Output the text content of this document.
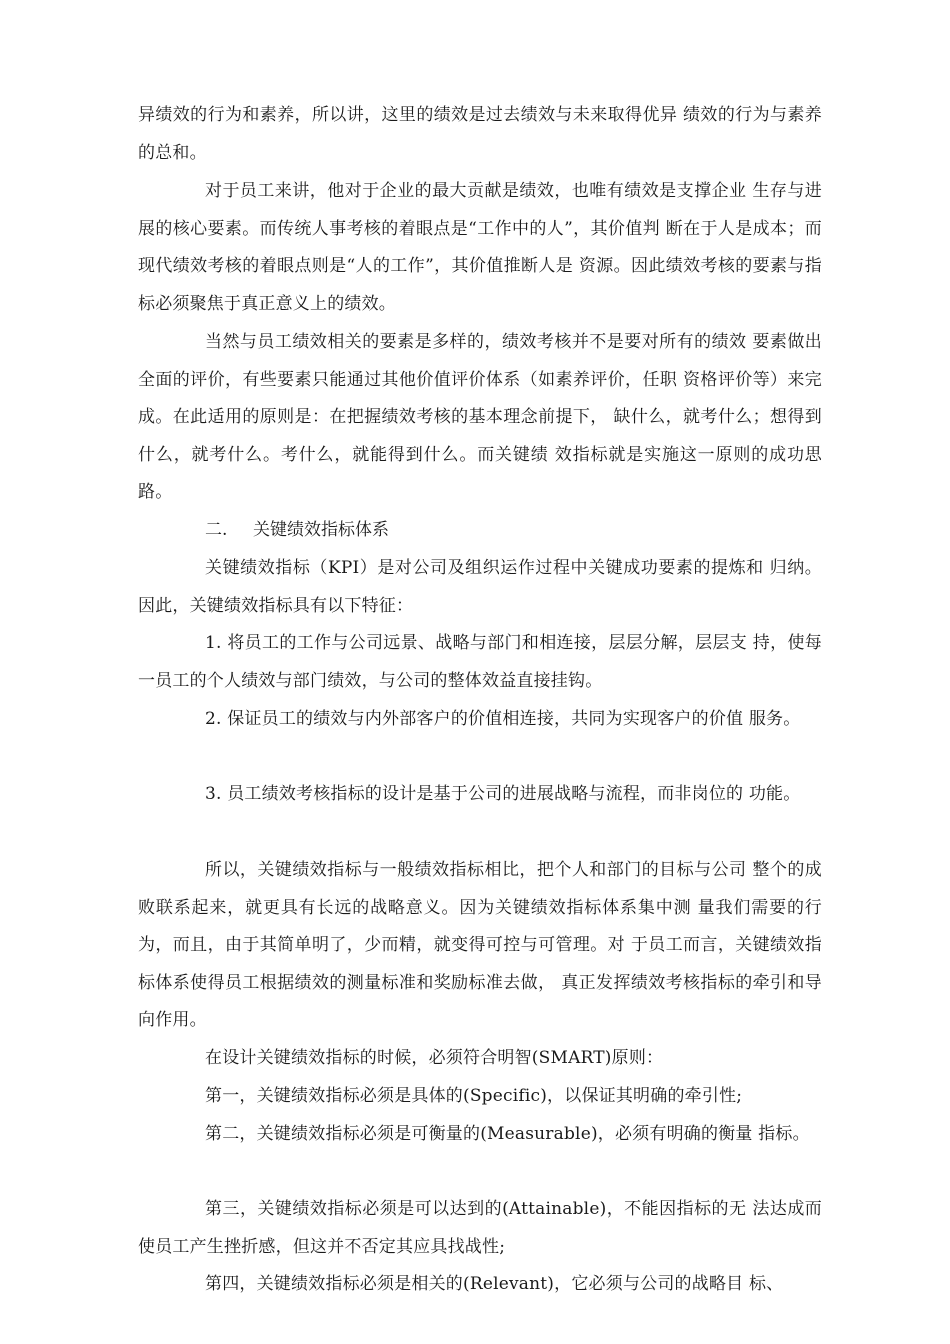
异绩效的行为和素养，所以讲，这里的绩效是过去绩效与未来取得优异 绩效的行为与素养的总和。
对于员工来讲，他对于企业的最大贡献是绩效，也唯有绩效是支撑企业 生存与进展的核心要素。而传统人事考核的着眼点是“工作中的人”，其价值判 断在于人是成本；而现代绩效考核的着眼点则是“人的工作”，其价值推断人是 资源。因此绩效考核的要素与指标必须聚焦于真正意义上的绩效。
当然与员工绩效相关的要素是多样的，绩效考核并不是要对所有的绩效 要素做出全面的评价，有些要素只能通过其他价值评价体系（如素养评价，任职 资格评价等）来完成。在此适用的原则是：在把握绩效考核的基本理念前提下， 缺什么，就考什么；想得到什么，就考什么。考什么，就能得到什么。而关键绩 效指标就是实施这一原则的成功思路。
二. 关键绩效指标体系
关键绩效指标（KPI）是对公司及组织运作过程中关键成功要素的提炼和 归纳。因此，关键绩效指标具有以下特征：
1. 将员工的工作与公司远景、战略与部门和相连接，层层分解，层层支 持，使每一员工的个人绩效与部门绩效，与公司的整体效益直接挂钩。
2. 保证员工的绩效与内外部客户的价值相连接，共同为实现客户的价值 服务。
3. 员工绩效考核指标的设计是基于公司的进展战略与流程，而非岗位的 功能。
所以，关键绩效指标与一般绩效指标相比，把个人和部门的目标与公司 整个的成败联系起来，就更具有长远的战略意义。因为关键绩效指标体系集中测 量我们需要的行为，而且，由于其简单明了，少而精，就变得可控与可管理。对 于员工而言，关键绩效指标体系使得员工根据绩效的测量标准和奖励标准去做， 真正发挥绩效考核指标的牵引和导向作用。
在设计关键绩效指标的时候，必须符合明智(SMART)原则：
第一，关键绩效指标必须是具体的(Specific)，以保证其明确的牵引性;
第二，关键绩效指标必须是可衡量的(Measurable)，必须有明确的衡量 指标。
第三，关键绩效指标必须是可以达到的(Attainable)，不能因指标的无 法达成而使员工产生挫折感，但这并不否定其应具找战性;
第四，关键绩效指标必须是相关的(Relevant)，它必须与公司的战略目 标、
